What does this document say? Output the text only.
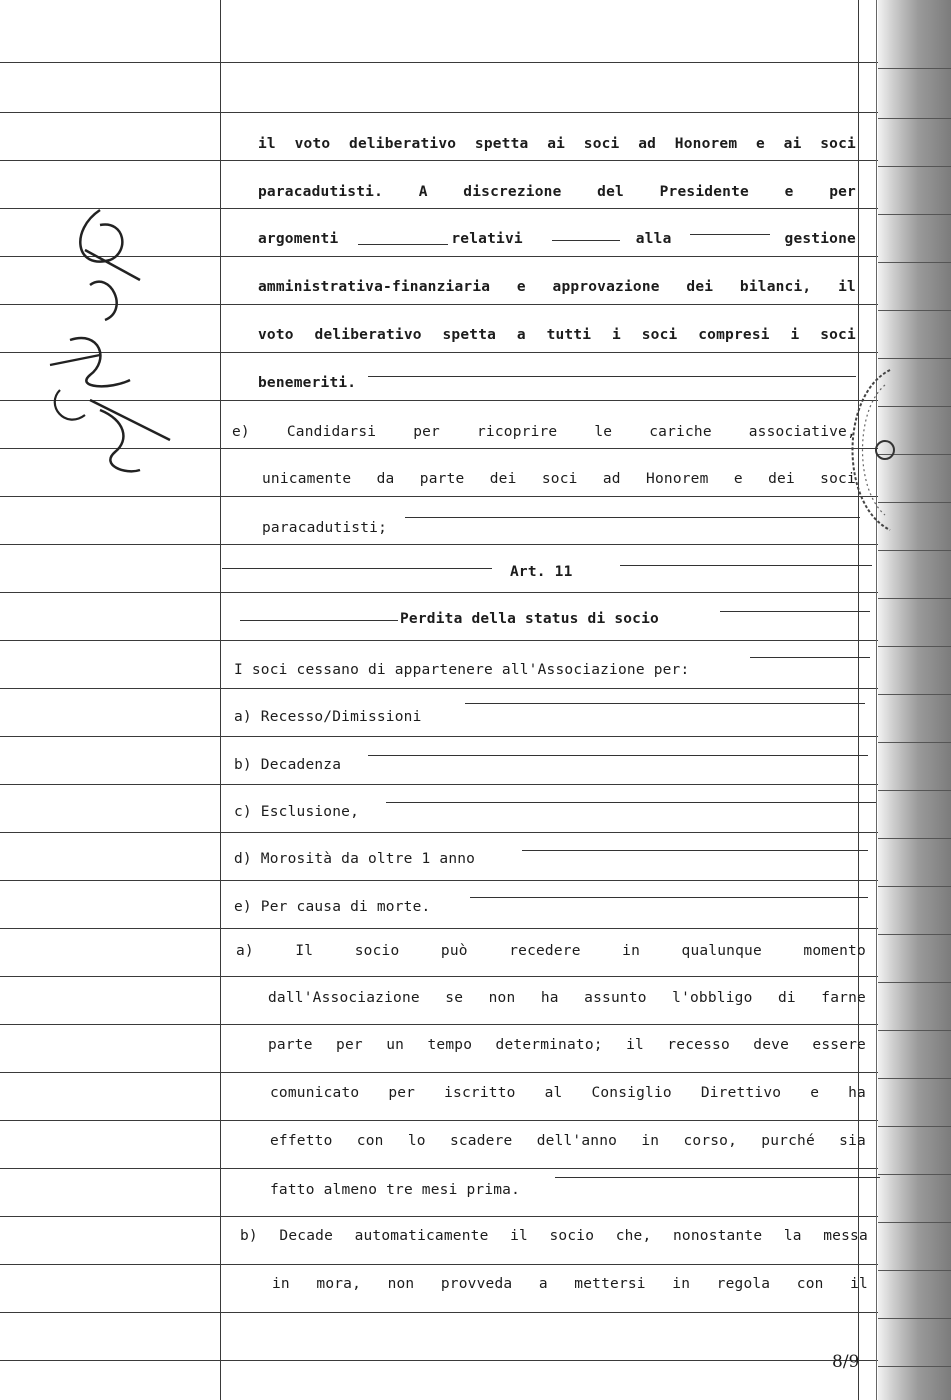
il voto deliberativo spetta ai soci ad Honorem e ai soci
paracadutisti. A discrezione del Presidente e per
argomenti	relativi	alla	gestione
amministrativa-finanziaria e approvazione dei bilanci, il
voto deliberativo spetta a tutti i soci compresi i soci
benemeriti.
e)	Candidarsi	per	ricoprire	le	cariche	associative,
unicamente da parte dei soci ad Honorem e dei soci
paracadutisti;
Art. 11
Perdita della status di socio
I soci cessano di appartenere all'Associazione per:
a) Recesso/Dimissioni
b) Decadenza
c) Esclusione,
d) Morosità da oltre 1 anno
e) Per causa di morte.
a)	Il	socio	può	recedere	in	qualunque	momento
dall'Associazione se non ha assunto l'obbligo di farne
parte per un tempo determinato; il recesso deve essere
comunicato per iscritto al Consiglio Direttivo e ha
effetto con lo scadere dell'anno in corso, purché sia
fatto almeno tre mesi prima.
b) Decade automaticamente il socio che, nonostante la messa
in mora, non provveda a mettersi in regola con il
8/9
